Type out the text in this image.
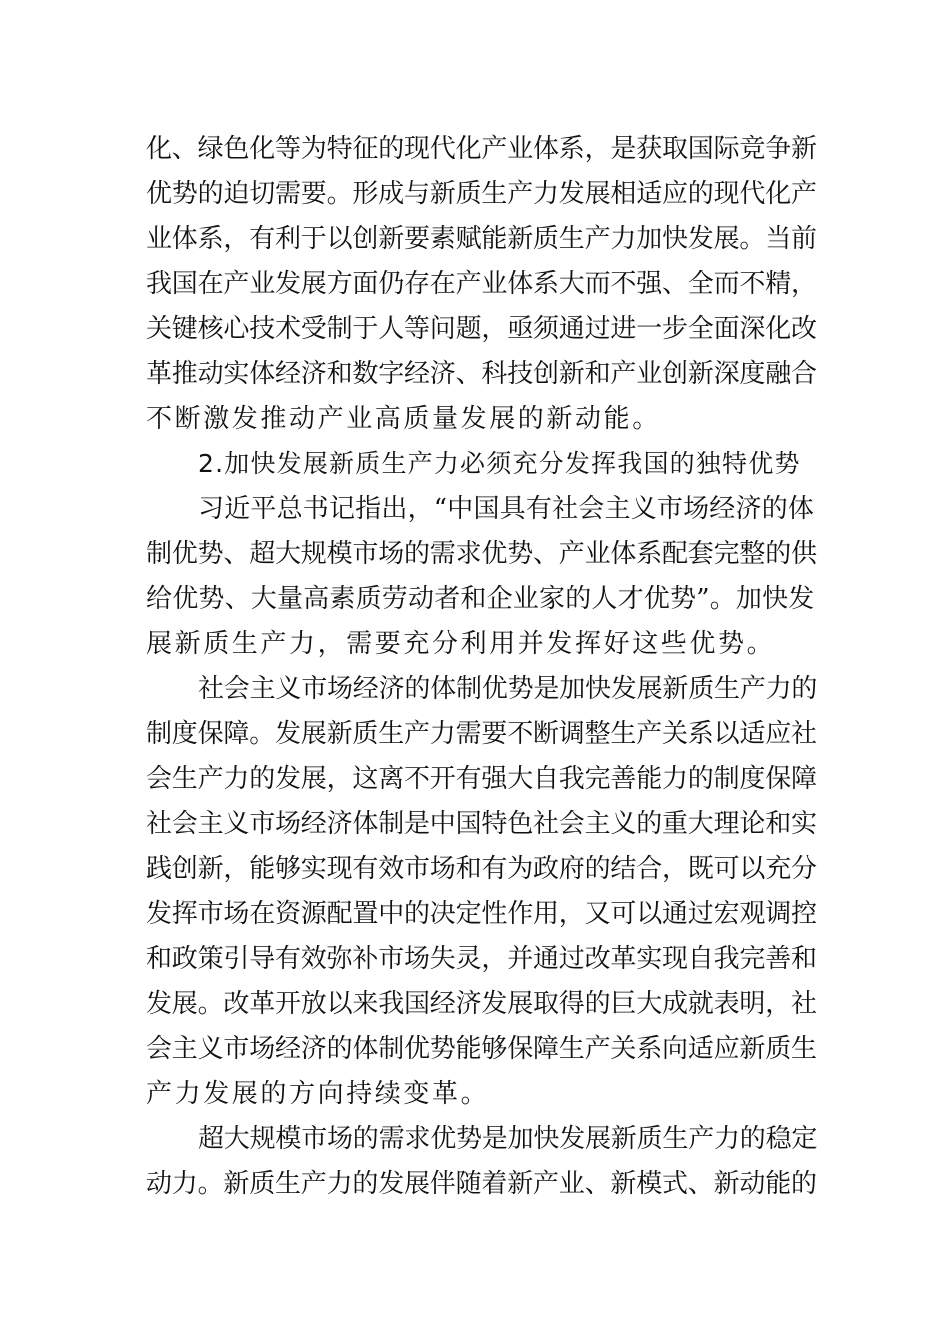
化、绿色化等为特征的现代化产业体系，是获取国际竞争新
优势的迫切需要。形成与新质生产力发展相适应的现代化产
业体系，有利于以创新要素赋能新质生产力加快发展。当前
我国在产业发展方面仍存在产业体系大而不强、全而不精，
关键核心技术受制于人等问题，亟须通过进一步全面深化改
革推动实体经济和数字经济、科技创新和产业创新深度融合
不断激发推动产业高质量发展的新动能。
2.加快发展新质生产力必须充分发挥我国的独特优势
习近平总书记指出，“中国具有社会主义市场经济的体
制优势、超大规模市场的需求优势、产业体系配套完整的供
给优势、大量高素质劳动者和企业家的人才优势”。加快发
展新质生产力，需要充分利用并发挥好这些优势。
社会主义市场经济的体制优势是加快发展新质生产力的
制度保障。发展新质生产力需要不断调整生产关系以适应社
会生产力的发展，这离不开有强大自我完善能力的制度保障
社会主义市场经济体制是中国特色社会主义的重大理论和实
践创新，能够实现有效市场和有为政府的结合，既可以充分
发挥市场在资源配置中的决定性作用，又可以通过宏观调控
和政策引导有效弥补市场失灵，并通过改革实现自我完善和
发展。改革开放以来我国经济发展取得的巨大成就表明，社
会主义市场经济的体制优势能够保障生产关系向适应新质生
产力发展的方向持续变革。
超大规模市场的需求优势是加快发展新质生产力的稳定
动力。新质生产力的发展伴随着新产业、新模式、新动能的
